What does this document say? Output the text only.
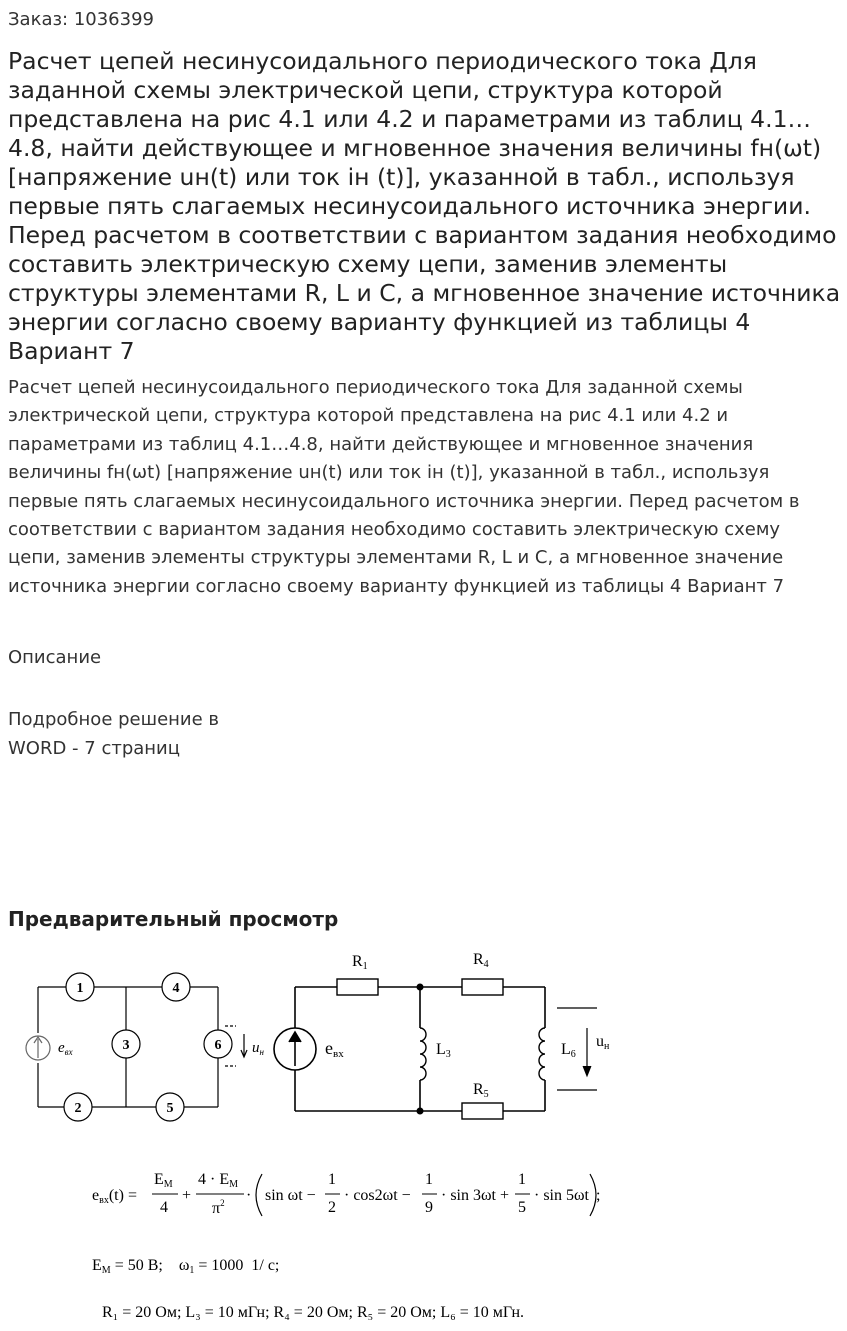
Заказ: 1036399
Расчет цепей несинусоидального периодического тока Для заданной схемы электрической цепи, структура которой представлена на рис 4.1 или 4.2 и параметрами из таблиц 4.1…4.8, найти действующее и мгновенное значения величины fн(ωt) [напряжение uн(t) или ток iн (t)], указанной в табл., используя первые пять слагаемых несинусоидального источника энергии. Перед расчетом в соответствии с вариантом задания необходимо составить электрическую схему цепи, заменив элементы структуры элементами R, L и C, а мгновенное значение источника энергии согласно своему варианту функцией из таблицы 4 Вариант 7

Расчет цепей несинусоидального периодического тока Для заданной схемы электрической цепи, структура которой представлена на рис 4.1 или 4.2 и параметрами из таблиц 4.1…4.8, найти действующее и мгновенное значения величины fн(ωt) [напряжение uн(t) или ток iн (t)], указанной в табл., используя первые пять слагаемых несинусоидального источника энергии. Перед расчетом в соответствии с вариантом задания необходимо составить электрическую схему цепи, заменив элементы структуры элементами R, L и C, а мгновенное значение источника энергии согласно своему варианту функцией из таблицы 4 Вариант 7

Описание
Подробное решение в
WORD - 7 страниц
Предварительный просмотр
1	4
3	6
2	5
$e_{вх}$	$u_н$
R1	R4
R5
L3	L6
eвх
uн
eвх(t) =
EМ
4
+
4 · EМ
$\pi^2 \cdot \sin \omega t$ −
1
2
· cos2ωt −
1
9
· sin 3ωt +
1
5
· sin 5ωt ;
EМ = 50 В;    ω1 = 1000  1/ с;
R₁ = 20 Ом; L₃ = 10 мГн; R₄ = 20 Ом; R₅ = 20 Ом; L₆ = 10 мГн.
